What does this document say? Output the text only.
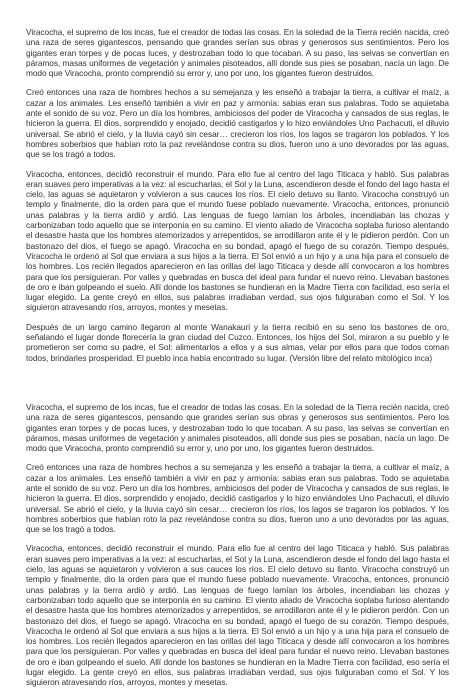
Viracocha, el supremo de los incas, fue el creador de todas las cosas. En la soledad de la Tierra recién nacida, creó una raza de seres gigantescos, pensando que grandes serían sus obras y generosos sus sentimientos. Pero los gigantes eran torpes y de pocas luces, y destrozaban todo lo que tocaban. A su paso, las selvas se convertían en páramos, masas uniformes de vegetación y animales pisoteados, allí donde sus pies se posaban, nacía un lago. De modo que Viracocha, pronto comprendió su error y, uno por uno, los gigantes fueron destruidos.

Creó entonces una raza de hombres hechos a su semejanza y les enseñó a trabajar la tierra, a cultivar el maíz, a cazar a los animales. Les enseñó también a vivir en paz y armonía: sabias eran sus palabras. Todo se aquietaba ante el sonido de su voz. Pero un día los hombres, ambiciosos del poder de Viracocha y cansados de sus reglas, le hicieron la guerra. El dios, sorprendido y enojado, decidió castigarlos y lo hizo enviándoles Uno Pachacuti, el diluvio universal. Se abrió el cielo, y la lluvia cayó sin cesar… crecieron los ríos, los lagos se tragaron los poblados. Y los hombres soberbios que habían roto la paz revelándose contra su dios, fueron uno a uno devorados por las aguas, que se los tragó a todos.

Viracocha, entonces, decidió reconstruir el mundo. Para ello fue al centro del lago Titicaca y habló. Sus palabras eran suaves pero imperativas a la vez: al escucharlas, el Sol y la Luna, ascendieron desde el fondo del lago hasta el cielo, las aguas se aquietaron y volvieron a sus cauces los ríos. El cielo detuvo su llanto. Viracocha construyó un templo y finalmente, dio la orden para que el mundo fuese poblado nuevamente. Viracocha, entonces, pronunció unas palabras y la tierra ardió y ardió. Las lenguas de fuego lamían los árboles, incendiaban las chozas y carbonizaban todo aquello que se interponía en su camino. El viento aliado de Viracocha soplaba furioso alentando el desastre hasta que los hombres atemorizados y arrepentidos, se arrodillaron ante él y le pidieron perdón. Con un bastonazo del dios, el fuego se apagó. Viracocha en su bondad, apagó el fuego de su corazón. Tiempo después, Viracocha le ordenó al Sol que enviara a sus hijos a la tierra. El Sol envió a un hijo y a una hija para el consuelo de los hombres. Los recién llegados aparecieron en las orillas del lago Titicaca y desde allí convocaron a los hombres para que los persiguieran. Por valles y quebradas en busca del ideal para fundar el nuevo reino. Llevaban bastones de oro e iban golpeando el suelo. Allí donde los bastones se hundieran en la Madre Tierra con facilidad, eso sería el lugar elegido. La gente creyó en ellos, sus palabras irradiaban verdad, sus ojos fulguraban como el Sol. Y los siguieron atravesando ríos, arroyos, montes y mesetas.

Después de un largo camino llegaron al monte Wanakauri y la tierra recibió en su seno los bastones de oro, señalando el lugar donde florecería la gran ciudad del Cuzco. Entonces, los hijos del Sol, miraron a su pueblo y le prometieron ser como su padre, el Sol: alimentarlos a ellos y a sus almas, velar por ellos para que todos coman todos, brindarles prosperidad. El pueblo inca había encontrado su lugar. (Versión libre del relato mitológico inca)

Viracocha, el supremo de los incas, fue el creador de todas las cosas. En la soledad de la Tierra recién nacida, creó una raza de seres gigantescos, pensando que grandes serían sus obras y generosos sus sentimientos. Pero los gigantes eran torpes y de pocas luces, y destrozaban todo lo que tocaban. A su paso, las selvas se convertían en páramos, masas uniformes de vegetación y animales pisoteados, allí donde sus pies se posaban, nacía un lago. De modo que Viracocha, pronto comprendió su error y, uno por uno, los gigantes fueron destruidos.

Creó entonces una raza de hombres hechos a su semejanza y les enseñó a trabajar la tierra, a cultivar el maíz, a cazar a los animales. Les enseñó también a vivir en paz y armonía: sabias eran sus palabras. Todo se aquietaba ante el sonido de su voz. Pero un día los hombres, ambiciosos del poder de Viracocha y cansados de sus reglas, le hicieron la guerra. El dios, sorprendido y enojado, decidió castigarlos y lo hizo enviándoles Uno Pachacuti, el diluvio universal. Se abrió el cielo, y la lluvia cayó sin cesar… crecieron los ríos, los lagos se tragaron los poblados. Y los hombres soberbios que habían roto la paz revelándose contra su dios, fueron uno a uno devorados por las aguas, que se los tragó a todos.

Viracocha, entonces, decidió reconstruir el mundo. Para ello fue al centro del lago Titicaca y habló. Sus palabras eran suaves pero imperativas a la vez: al escucharlas, el Sol y la Luna, ascendieron desde el fondo del lago hasta el cielo, las aguas se aquietaron y volvieron a sus cauces los ríos. El cielo detuvo su llanto. Viracocha construyó un templo y finalmente, dio la orden para que el mundo fuese poblado nuevamente. Viracocha, entonces, pronunció unas palabras y la tierra ardió y ardió. Las lenguas de fuego lamían los árboles, incendiaban las chozas y carbonizaban todo aquello que se interponía en su camino. El viento aliado de Viracocha soplaba furioso alentando el desastre hasta que los hombres atemorizados y arrepentidos, se arrodillaron ante él y le pidieron perdón. Con un bastonazo del dios, el fuego se apagó. Viracocha en su bondad, apagó el fuego de su corazón. Tiempo después, Viracocha le ordenó al Sol que enviara a sus hijos a la tierra. El Sol envió a un hijo y a una hija para el consuelo de los hombres. Los recién llegados aparecieron en las orillas del lago Titicaca y desde allí convocaron a los hombres para que los persiguieran. Por valles y quebradas en busca del ideal para fundar el nuevo reino. Llevaban bastones de oro e iban golpeando el suelo. Allí donde los bastones se hundieran en la Madre Tierra con facilidad, eso sería el lugar elegido. La gente creyó en ellos, sus palabras irradiaban verdad, sus ojos fulguraban como el Sol. Y los siguieron atravesando ríos, arroyos, montes y mesetas.
